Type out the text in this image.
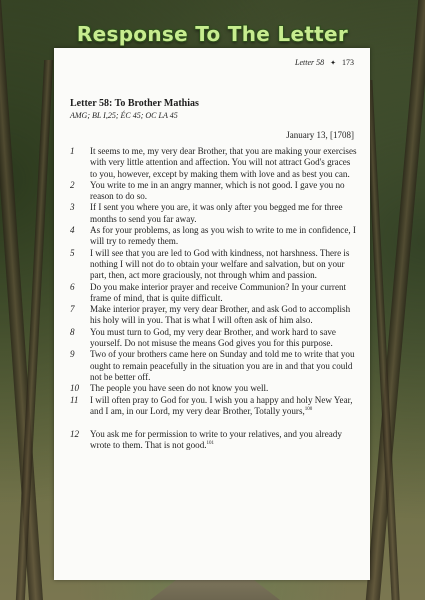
Response To The Letter
Letter 58 ✦ 173
Letter 58: To Brother Mathias
AMG; BL I,25; ÉC 45; OC LA 45
January 13, [1708]
1	It seems to me, my very dear Brother, that you are making your exercises with very little attention and affection. You will not attract God's graces to you, however, except by making them with love and as best you can.
2	You write to me in an angry manner, which is not good. I gave you no reason to do so.
3	If I sent you where you are, it was only after you begged me for three months to send you far away.
4	As for your problems, as long as you wish to write to me in confidence, I will try to remedy them.
5	I will see that you are led to God with kindness, not harshness. There is nothing I will not do to obtain your welfare and salvation, but on your part, then, act more graciously, not through whim and passion.
6	Do you make interior prayer and receive Communion? In your current frame of mind, that is quite difficult.
7	Make interior prayer, my very dear Brother, and ask God to accomplish his holy will in you. That is what I will often ask of him also.
8	You must turn to God, my very dear Brother, and work hard to save yourself. Do not misuse the means God gives you for this purpose.
9	Two of your brothers came here on Sunday and told me to write that you ought to remain peacefully in the situation you are in and that you could not be better off.
10	The people you have seen do not know you well.
11	I will often pray to God for you. I wish you a happy and holy New Year, and I am, in our Lord, my very dear Brother, Totally yours,$^{100}$
12	You ask me for permission to write to your relatives, and you already wrote to them. That is not good.$^{101}$
